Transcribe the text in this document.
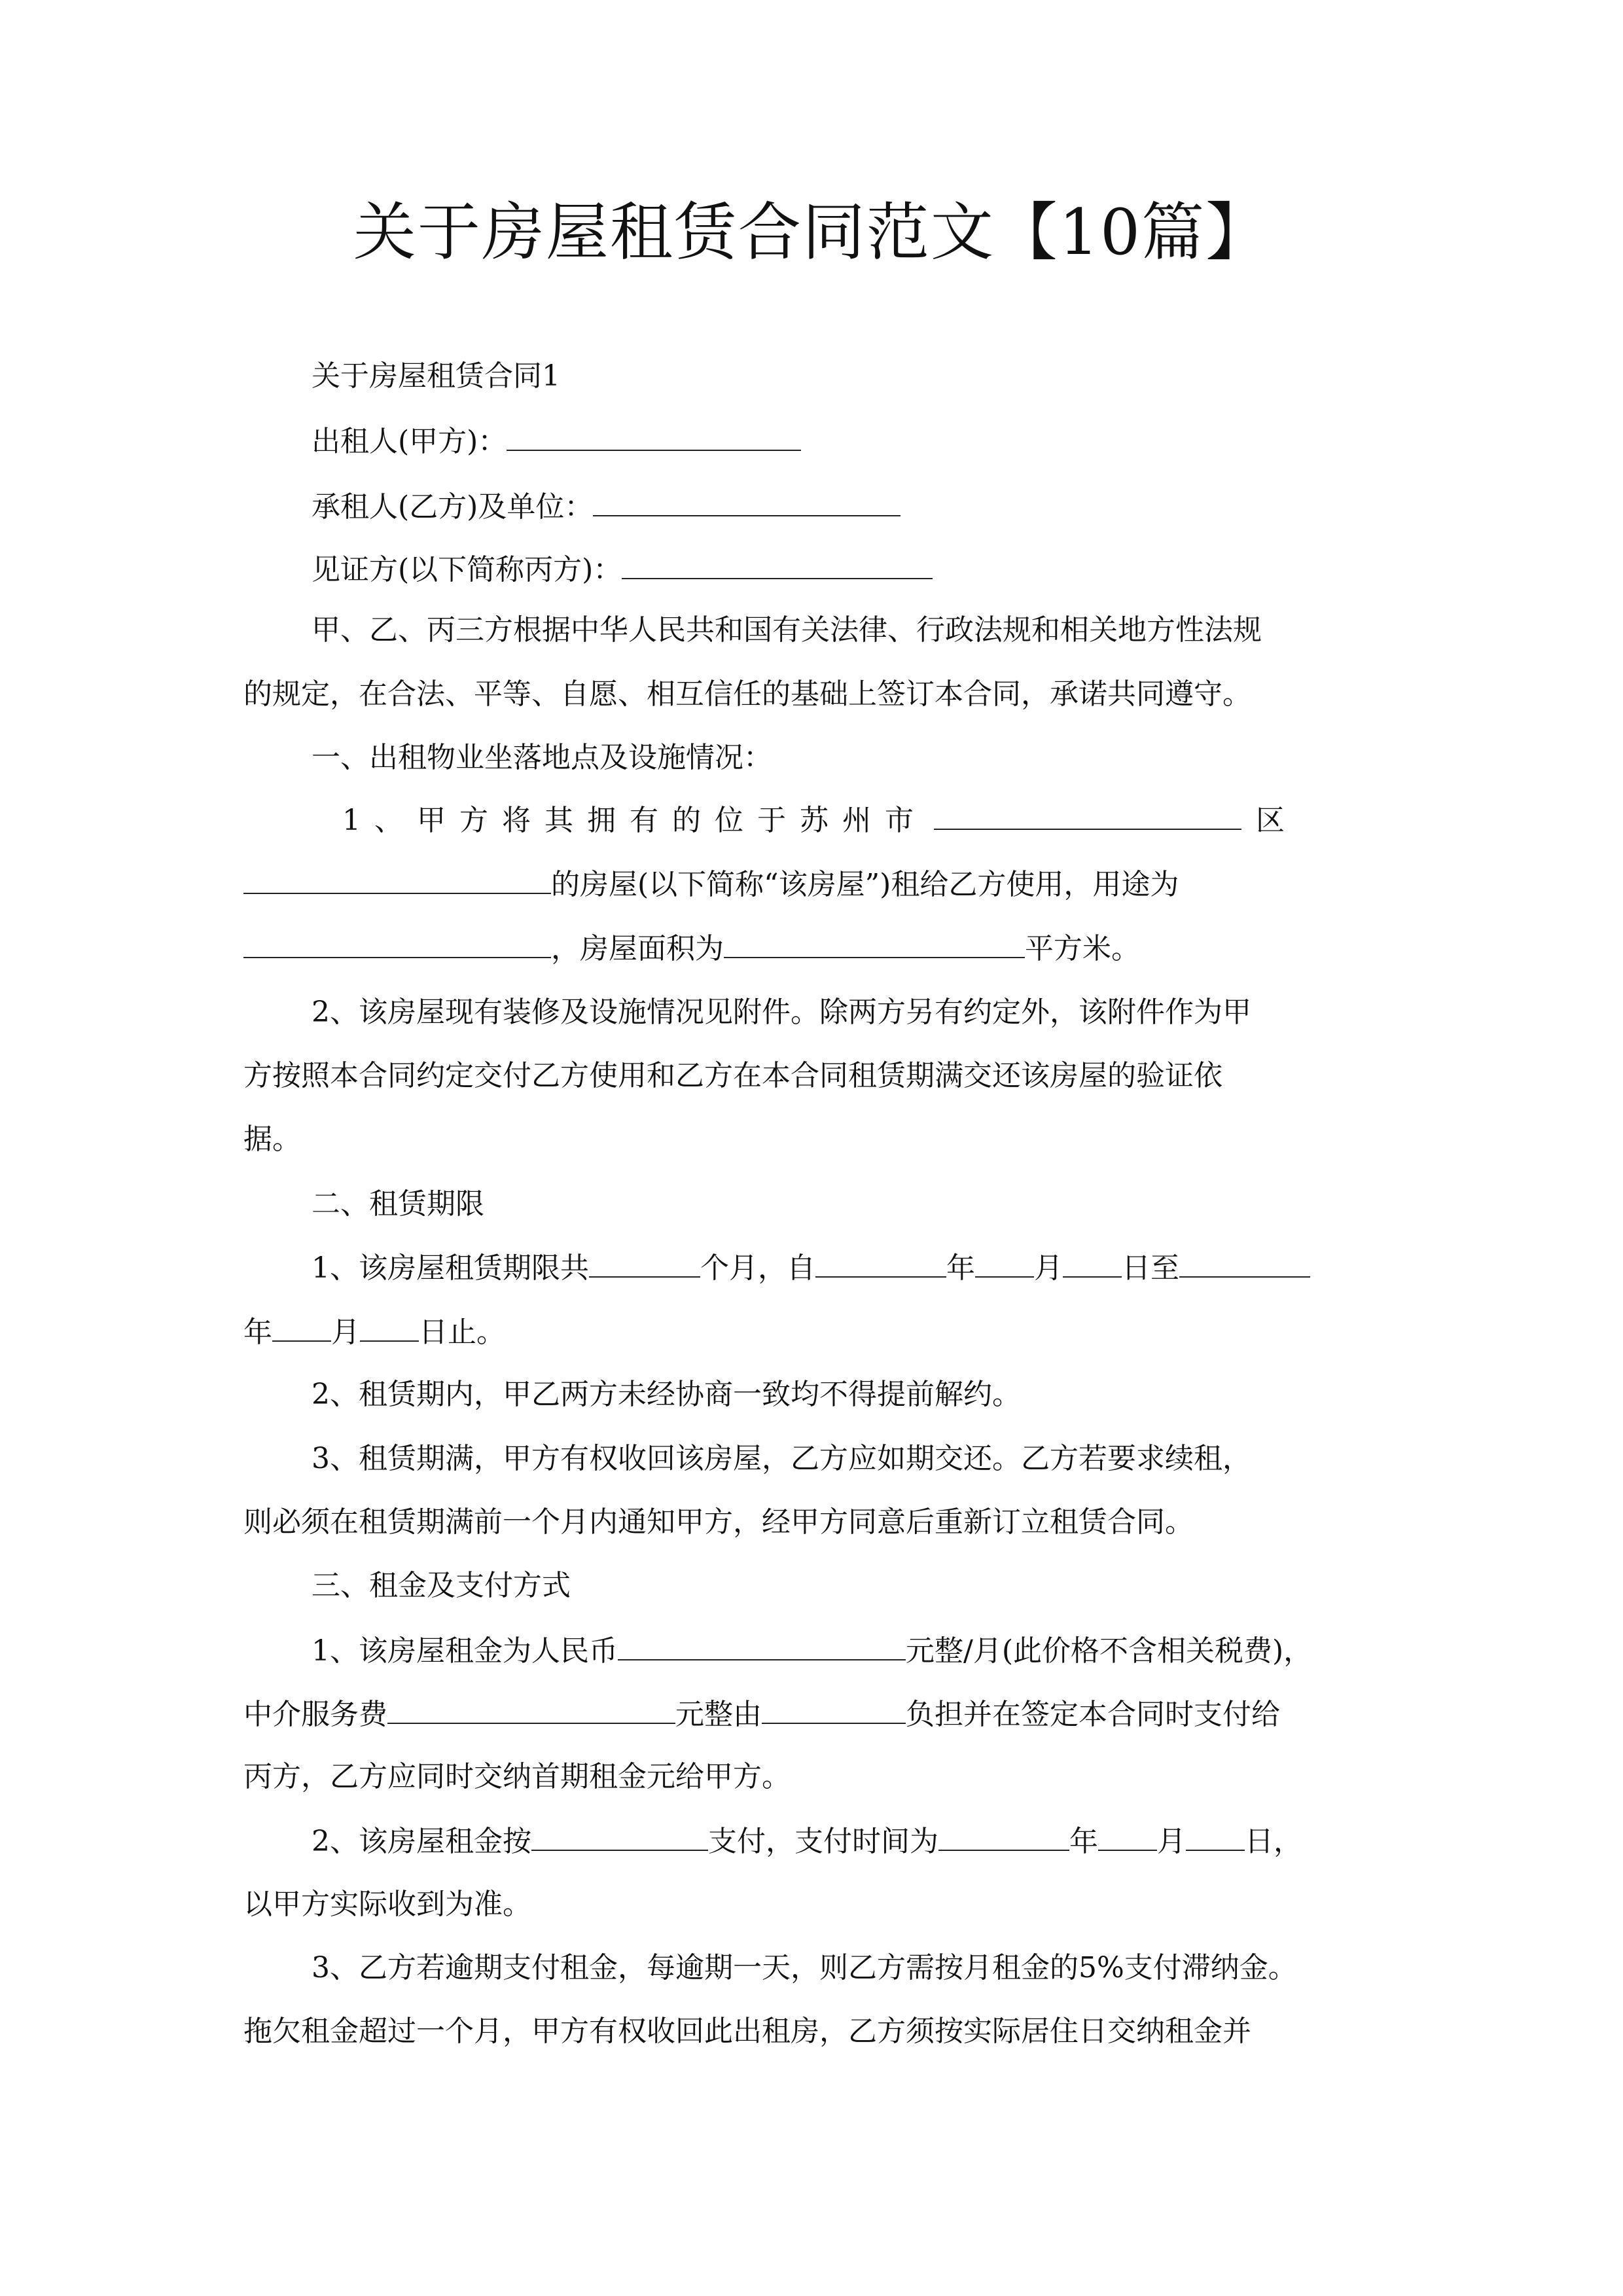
关于房屋租赁合同范文【10篇】
关于房屋租赁合同1
出租人(甲方)：
承租人(乙方)及单位：
见证方(以下简称丙方)：
甲、乙、丙三方根据中华人民共和国有关法律、行政法规和相关地方性法规
的规定，在合法、平等、自愿、相互信任的基础上签订本合同，承诺共同遵守。
一、出租物业坐落地点及设施情况：
1、甲方将其拥有的位于苏州市	区
的房屋(以下简称“该房屋”)租给乙方使用，用途为
，房屋面积为	平方米。
2、该房屋现有装修及设施情况见附件。除两方另有约定外，该附件作为甲
方按照本合同约定交付乙方使用和乙方在本合同租赁期满交还该房屋的验证依
据。
二、租赁期限
1、该房屋租赁期限共	个月，自	年 月 日至
年 月 日止。
2、租赁期内，甲乙两方未经协商一致均不得提前解约。
3、租赁期满，甲方有权收回该房屋，乙方应如期交还。乙方若要求续租，
则必须在租赁期满前一个月内通知甲方，经甲方同意后重新订立租赁合同。
三、租金及支付方式
1、该房屋租金为人民币	元整/月(此价格不含相关税费)，
中介服务费	元整由	负担并在签定本合同时支付给
丙方，乙方应同时交纳首期租金元给甲方。
2、该房屋租金按	支付，支付时间为	年 月 日，
以甲方实际收到为准。
3、乙方若逾期支付租金，每逾期一天，则乙方需按月租金的5%支付滞纳金。
拖欠租金超过一个月，甲方有权收回此出租房，乙方须按实际居住日交纳租金并
